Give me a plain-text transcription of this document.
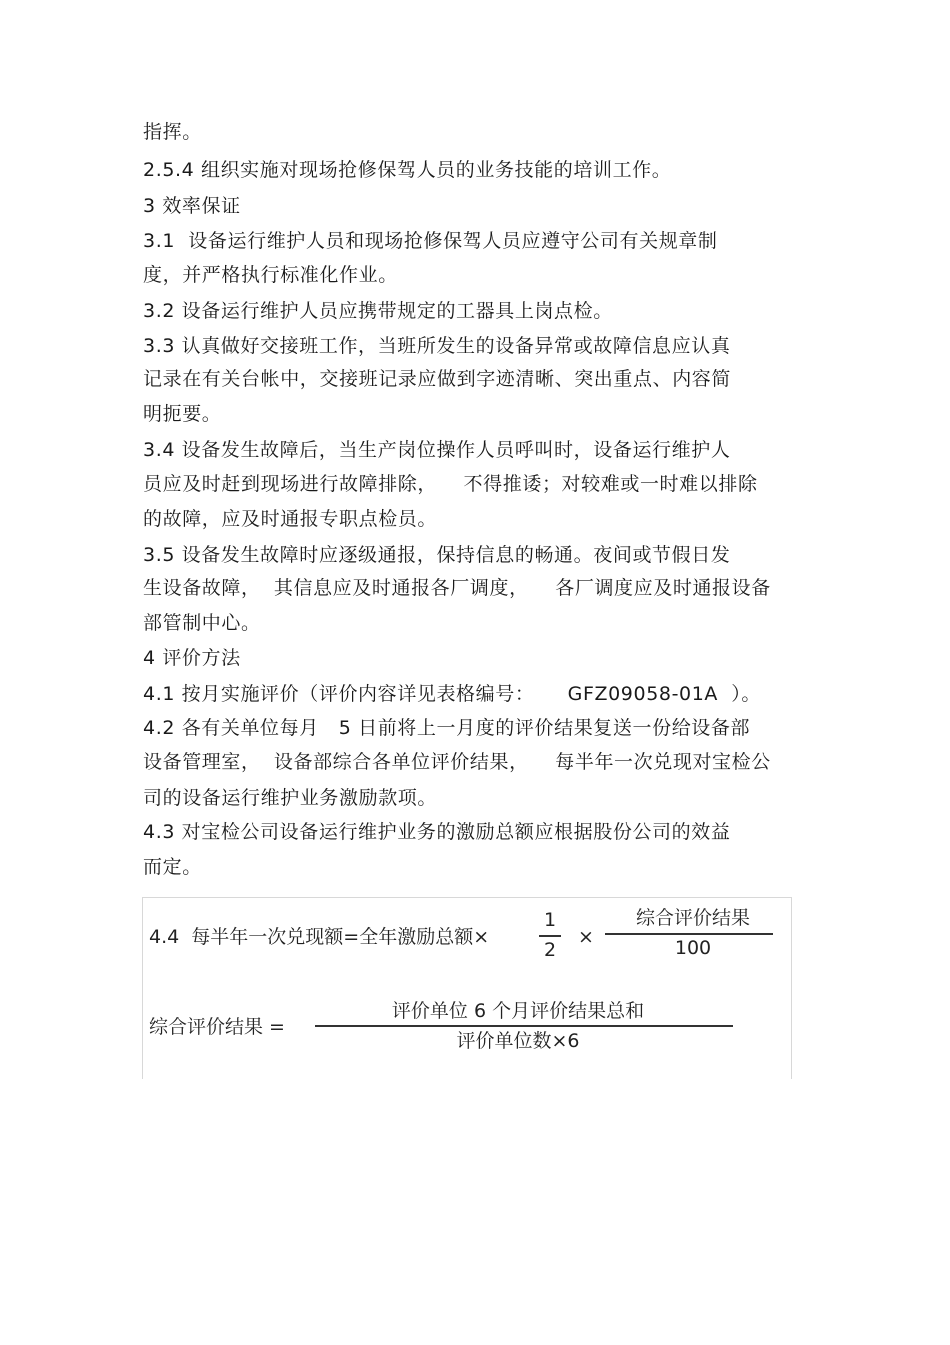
指挥。
2.5.4 组织实施对现场抢修保驾人员的业务技能的培训工作。
3 效率保证
3.1  设备运行维护人员和现场抢修保驾人员应遵守公司有关规章制
度，并严格执行标准化作业。
3.2 设备运行维护人员应携带规定的工器具上岗点检。
3.3 认真做好交接班工作，当班所发生的设备异常或故障信息应认真
记录在有关台帐中，交接班记录应做到字迹清晰、突出重点、内容简
明扼要。
3.4 设备发生故障后，当生产岗位操作人员呼叫时，设备运行维护人
员应及时赶到现场进行故障排除，    不得推诿；对较难或一时难以排除
的故障，应及时通报专职点检员。
3.5 设备发生故障时应逐级通报，保持信息的畅通。夜间或节假日发
生设备故障，  其信息应及时通报各厂调度，    各厂调度应及时通报设备
部管制中心。
4 评价方法
4.1 按月实施评价（评价内容详见表格编号：     GFZ09058-01A  ）。
4.2 各有关单位每月   5 日前将上一月度的评价结果复送一份给设备部
设备管理室，  设备部综合各单位评价结果，    每半年一次兑现对宝检公
司的设备运行维护业务激励款项。
4.3 对宝检公司设备运行维护业务的激励总额应根据股份公司的效益
而定。
4.4  每半年一次兑现额=全年激励总额×
1
2
×
综合评价结果
100
综合评价结果 =
评价单位 6 个月评价结果总和
评价单位数×6
